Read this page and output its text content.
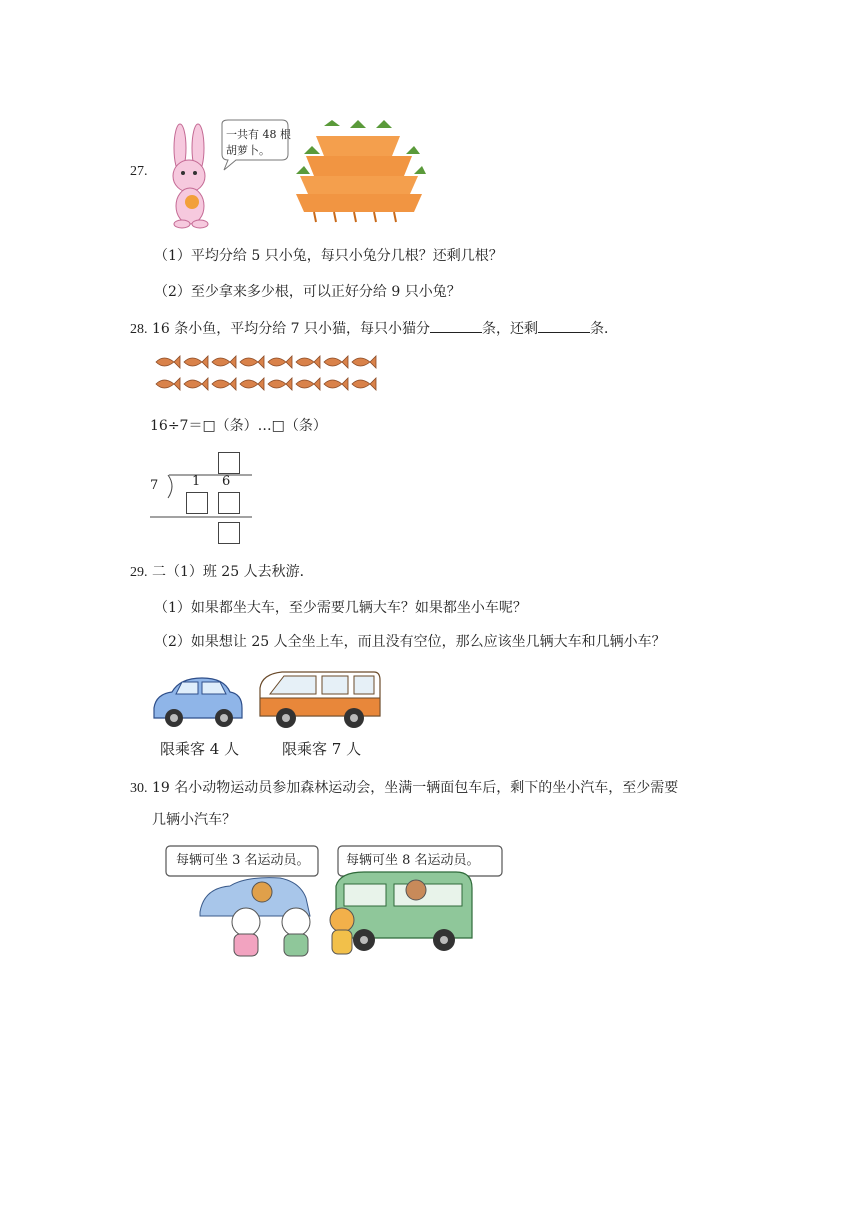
27.
一共有 48 根
胡萝卜。
（1）平均分给 5 只小兔，每只小兔分几根？还剩几根？
（2）至少拿来多少根，可以正好分给 9 只小兔？
28. 16 条小鱼，平均分给 7 只小猫，每只小猫分	条，还剩	条．
16÷7＝□（条）…□（条）
7	1 6
29. 二（1）班 25 人去秋游．
（1）如果都坐大车，至少需要几辆大车？如果都坐小车呢？
（2）如果想让 25 人全坐上车，而且没有空位，那么应该坐几辆大车和几辆小车？
限乘客 4 人	限乘客 7 人
30. 19 名小动物运动员参加森林运动会，坐满一辆面包车后，剩下的坐小汽车，至少需要
几辆小汽车？
每辆可坐 3 名运动员。	每辆可坐 8 名运动员。
